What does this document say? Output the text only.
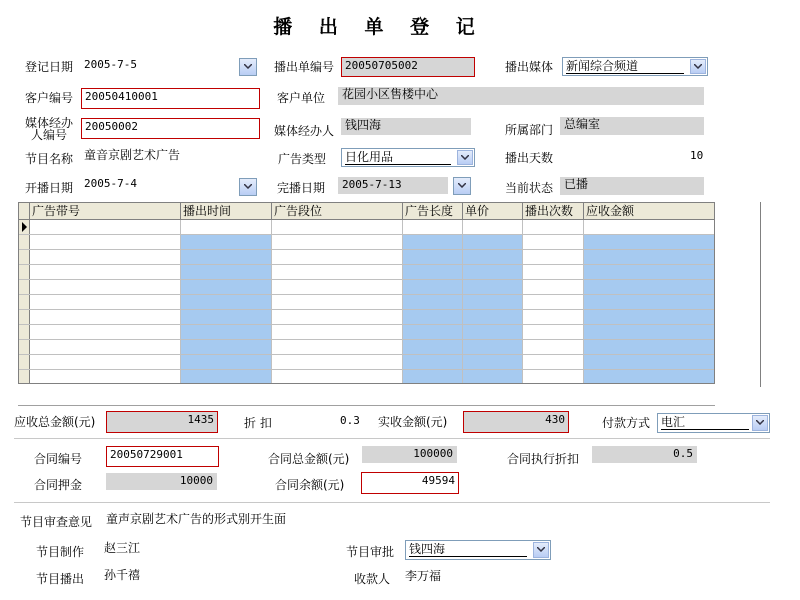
播 出 单 登 记
登记日期 2005-7-5	播出单编号 20050705002	播出媒体 新闻综合频道
客户编号	20050410001	客户单位	花园小区售楼中心
媒体经办
人编号
20050002	媒体经办人 钱四海	所属部门 总编室
节目名称 童音京剧艺术广告	广告类型 日化用品	播出天数	10
开播日期 2005-7-4	完播日期	2005-7-13	当前状态 已播
广告带号	播出时间	广告段位	广告长度 单价	播出次数	应收金额
应收总金额(元)	1435	折 扣	0.3 实收金额(元)	430	付款方式 电汇
合同编号	20050729001	合同总金额(元)	100000	合同执行折扣	0.5
合同押金	10000	合同余额(元)	49594
节目审查意见 童声京剧艺术广告的形式别开生面
节目制作 赵三江	节目审批 钱四海
节目播出 孙千禧	收款人 李万福
